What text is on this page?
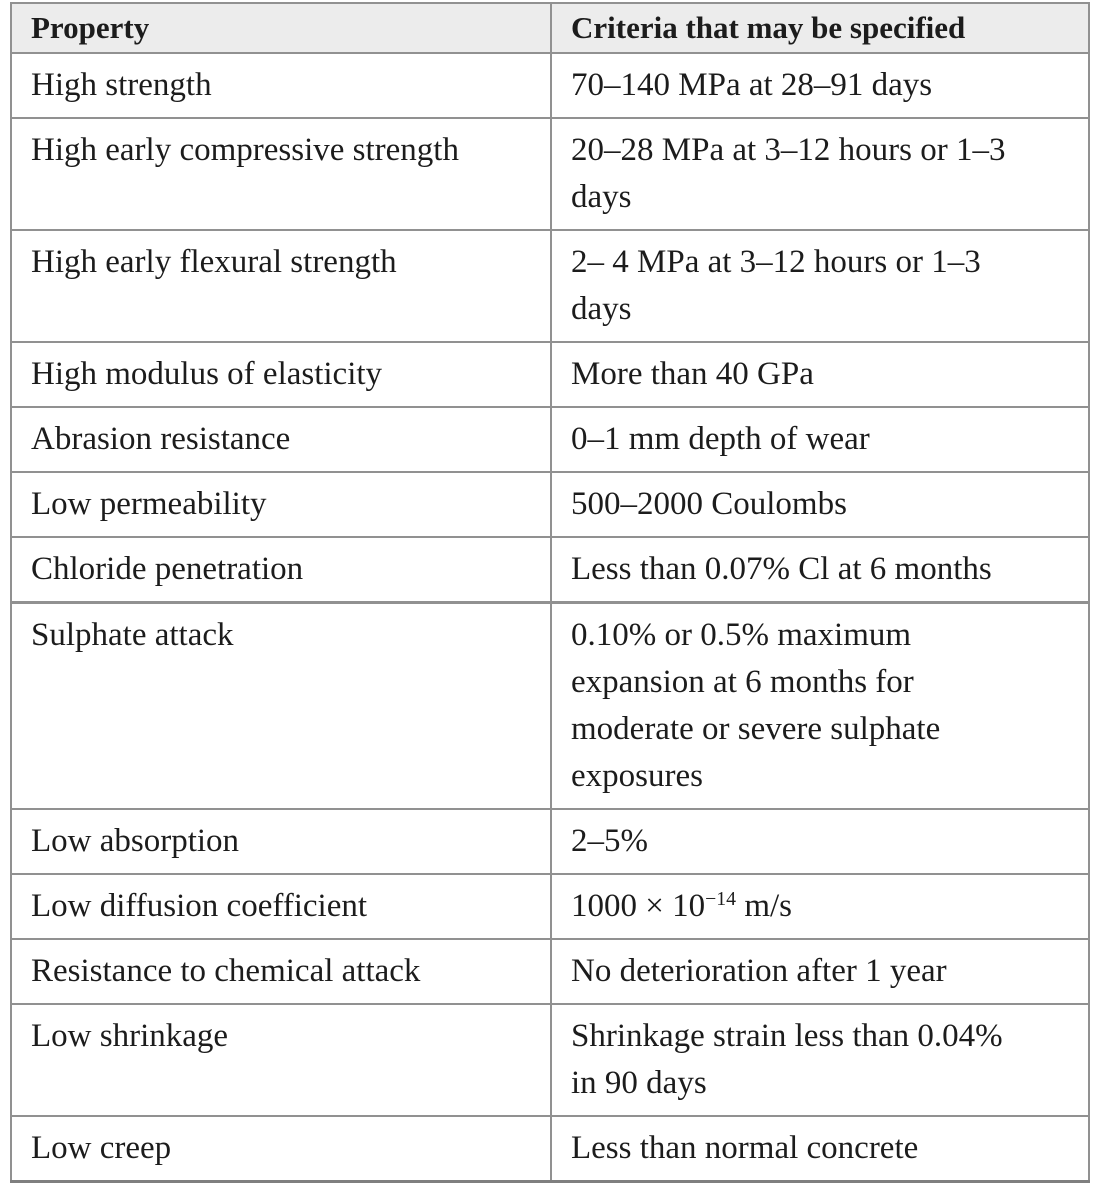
Property	Criteria that may be specified
High strength	70–140 MPa at 28–91 days
High early compressive strength	20–28 MPa at 3–12 hours or 1–3
days
High early flexural strength	2– 4 MPa at 3–12 hours or 1–3
days
High modulus of elasticity	More than 40 GPa
Abrasion resistance	0–1 mm depth of wear
Low permeability	500–2000 Coulombs
Chloride penetration	Less than 0.07% Cl at 6 months
Sulphate attack	0.10% or 0.5% maximum
expansion at 6 months for
moderate or severe sulphate
exposures
Low absorption	2–5%
Low diffusion coefficient	$1000 \times 10^{-14}$ m/s
Resistance to chemical attack	No deterioration after 1 year
Low shrinkage	Shrinkage strain less than 0.04%
in 90 days
Low creep	Less than normal concrete
